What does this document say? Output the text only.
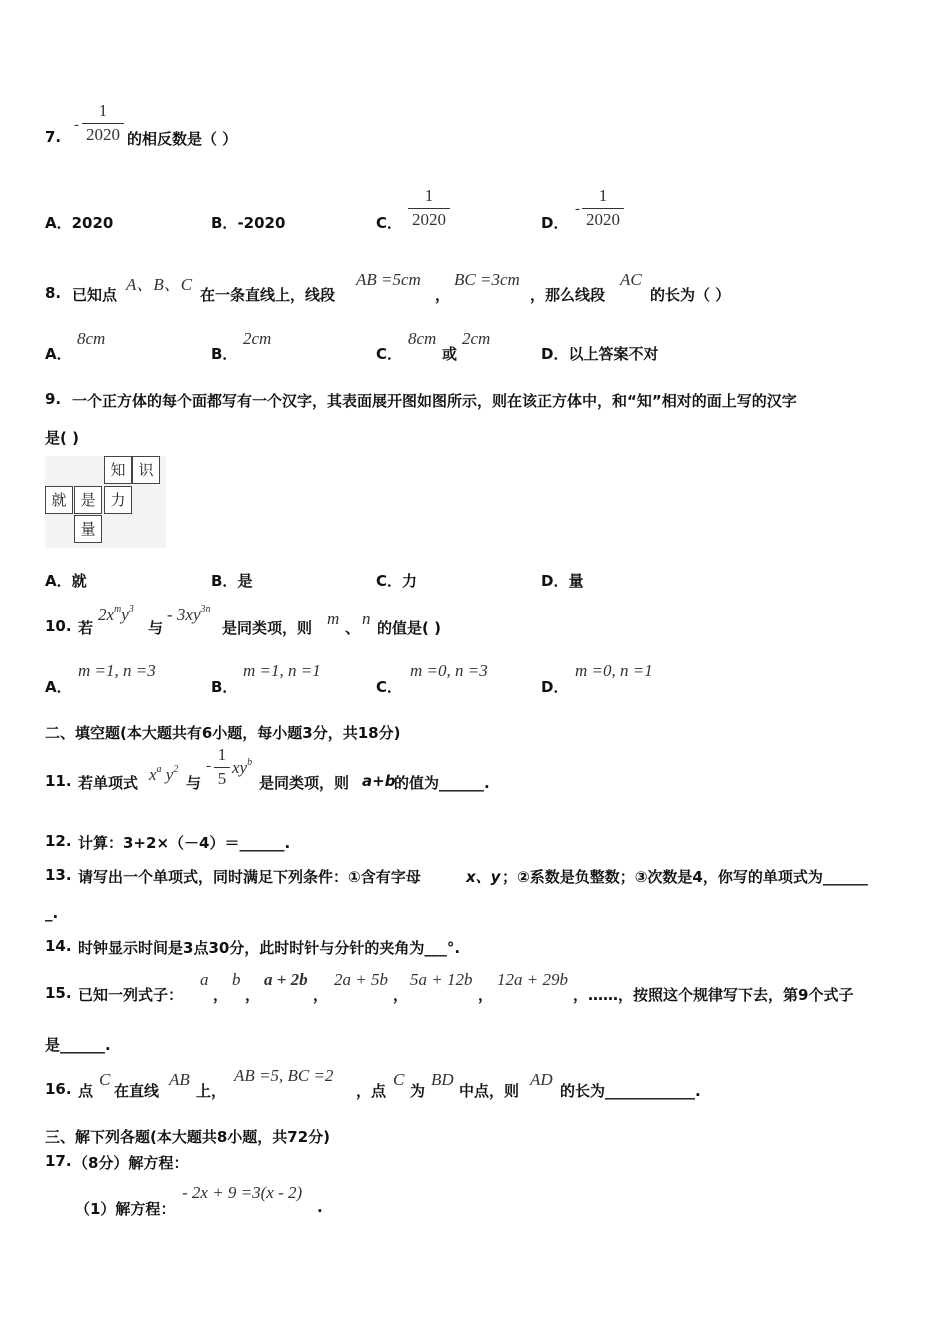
7.
-
1
2020 的相反数是（ ）
A．2020	B．-2020	C．
1
2020	D．
-
1
2020
8. 已知点
A、B、C
在一条直线上，线段
AB =5cm
，
BC =3cm
，那么线段
AC
的长为（ ）
A．
8cm
B．
2cm
C．
8cm
或
2cm
D．以上答案不对
9. 一个正方体的每个面都写有一个汉字，其表面展开图如图所示，则在该正方体中，和“知”相对的面上写的汉字
是( )
知 识
就 是 力
量
A．就	B．是	C．力	D．量
10. 若
$2x^my^3$
与
- $3xy^{3n}$
是同类项，则 m 、 n 的值是( )
A．
m =1, n =3
B．
m =1, n =1
C．
m =0, n =3
D．
m =0, n =1
二、填空题(本大题共有6小题，每小题3分，共18分)
11. 若单项式 $x^a$ $y^2$
与
-
1
5
$xy^b$
是同类项，则 a+b
的值为______.
12. 计算：3+2×（－4）＝______.
13. 请写出一个单项式，同时满足下列条件：①含有字母	x、y ；②系数是负整数；③次数是4，你写的单项式为______
_.
14. 时钟显示时间是3点30分，此时时针与分针的夹角为___°.
15. 已知一列式子：
a
，
b
，
a + 2b
，
2a + 5b
，
5a + 12b
，
12a + 29b
，……，按照这个规律写下去，第9个式子
是______.
16. 点
C
在直线
AB
上，
AB =5, BC =2
，点
C
为
BD
中点，则
AD
的长为____________.
三、解下列各题(本大题共8小题，共72分)
17. （8分）解方程：
（1）解方程：
- 2x + 9 =3(x - 2)
.
